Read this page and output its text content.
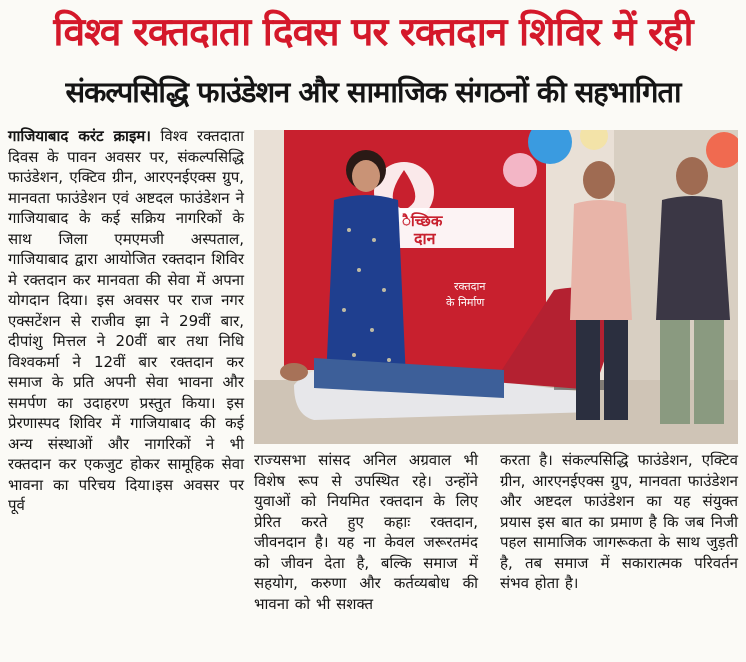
विश्व रक्तदाता दिवस पर रक्तदान शिविर में रही
संकल्पसिद्धि फाउंडेशन और सामाजिक संगठनों की सहभागिता
गाजियाबाद करंट क्राइम। विश्व रक्तदाता दिवस के पावन अवसर पर, संकल्पसिद्धि फाउंडेशन, एक्टिव ग्रीन, आरएनईएक्स ग्रुप, मानवता फाउंडेशन एवं अष्टदल फाउंडेशन ने गाजियाबाद के कई सक्रिय नागरिकों के साथ जिला एमएमजी अस्पताल, गाजियाबाद द्वारा आयोजित रक्तदान शिविर मे रक्तदान कर मानवता की सेवा में अपना योगदान दिया। इस अवसर पर राज नगर एक्सटेंशन से राजीव झा ने 29वीं बार, दीपांशु मित्तल ने 20वीं बार तथा निधि विश्वकर्मा ने 12वीं बार रक्तदान कर समाज के प्रति अपनी सेवा भावना और समर्पण का उदाहरण प्रस्तुत किया। इस प्रेरणास्पद शिविर में गाजियाबाद की कई अन्य संस्थाओं और नागरिकों ने भी रक्तदान कर एकजुट होकर सामूहिक सेवा भावना का परिचय दिया।इस अवसर पर पूर्व
ैच्छिक
दान
रक्तदान
के निर्माण
राज्यसभा सांसद अनिल अग्रवाल भी विशेष रूप से उपस्थित रहे। उन्होंने युवाओं को नियमित रक्तदान के लिए प्रेरित करते हुए कहाः रक्तदान, जीवनदान है। यह ना केवल जरूरतमंद को जीवन देता है, बल्कि समाज में सहयोग, करुणा और कर्तव्यबोध की भावना को भी सशक्त
करता है। संकल्पसिद्धि फाउंडेशन, एक्टिव ग्रीन, आरएनईएक्स ग्रुप, मानवता फाउंडेशन और अष्टदल फाउंडेशन का यह संयुक्त प्रयास इस बात का प्रमाण है कि जब निजी पहल सामाजिक जागरूकता के साथ जुड़ती है, तब समाज में सकारात्मक परिवर्तन संभव होता है।
